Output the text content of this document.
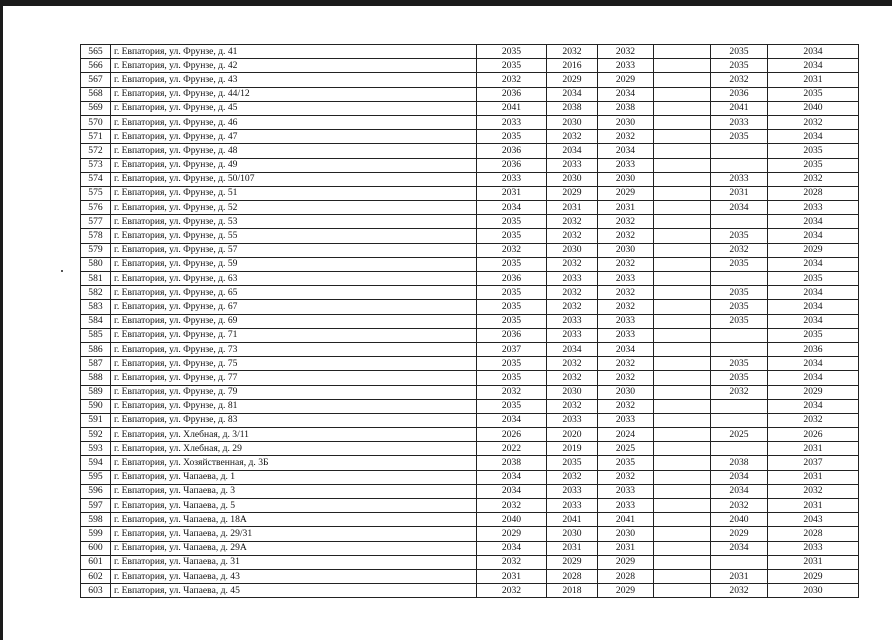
565	г. Евпатория, ул. Фрунзе, д. 41	2035	2032	2032		2035	2034
566	г. Евпатория, ул. Фрунзе, д. 42	2035	2016	2033		2035	2034
567	г. Евпатория, ул. Фрунзе, д. 43	2032	2029	2029		2032	2031
568	г. Евпатория, ул. Фрунзе, д. 44/12	2036	2034	2034		2036	2035
569	г. Евпатория, ул. Фрунзе, д. 45	2041	2038	2038		2041	2040
570	г. Евпатория, ул. Фрунзе, д. 46	2033	2030	2030		2033	2032
571	г. Евпатория, ул. Фрунзе, д. 47	2035	2032	2032		2035	2034
572	г. Евпатория, ул. Фрунзе, д. 48	2036	2034	2034			2035
573	г. Евпатория, ул. Фрунзе, д. 49	2036	2033	2033			2035
574	г. Евпатория, ул. Фрунзе, д. 50/107	2033	2030	2030		2033	2032
575	г. Евпатория, ул. Фрунзе, д. 51	2031	2029	2029		2031	2028
576	г. Евпатория, ул. Фрунзе, д. 52	2034	2031	2031		2034	2033
577	г. Евпатория, ул. Фрунзе, д. 53	2035	2032	2032			2034
578	г. Евпатория, ул. Фрунзе, д. 55	2035	2032	2032		2035	2034
579	г. Евпатория, ул. Фрунзе, д. 57	2032	2030	2030		2032	2029
580	г. Евпатория, ул. Фрунзе, д. 59	2035	2032	2032		2035	2034
581	г. Евпатория, ул. Фрунзе, д. 63	2036	2033	2033			2035
582	г. Евпатория, ул. Фрунзе, д. 65	2035	2032	2032		2035	2034
583	г. Евпатория, ул. Фрунзе, д. 67	2035	2032	2032		2035	2034
584	г. Евпатория, ул. Фрунзе, д. 69	2035	2033	2033		2035	2034
585	г. Евпатория, ул. Фрунзе, д. 71	2036	2033	2033			2035
586	г. Евпатория, ул. Фрунзе, д. 73	2037	2034	2034			2036
587	г. Евпатория, ул. Фрунзе, д. 75	2035	2032	2032		2035	2034
588	г. Евпатория, ул. Фрунзе, д. 77	2035	2032	2032		2035	2034
589	г. Евпатория, ул. Фрунзе, д. 79	2032	2030	2030		2032	2029
590	г. Евпатория, ул. Фрунзе, д. 81	2035	2032	2032			2034
591	г. Евпатория, ул. Фрунзе, д. 83	2034	2033	2033			2032
592	г. Евпатория, ул. Хлебная, д. 3/11	2026	2020	2024		2025	2026
593	г. Евпатория, ул. Хлебная, д. 29	2022	2019	2025			2031
594	г. Евпатория, ул. Хозяйственная, д. 3Б	2038	2035	2035		2038	2037
595	г. Евпатория, ул. Чапаева, д. 1	2034	2032	2032		2034	2031
596	г. Евпатория, ул. Чапаева, д. 3	2034	2033	2033		2034	2032
597	г. Евпатория, ул. Чапаева, д. 5	2032	2033	2033		2032	2031
598	г. Евпатория, ул. Чапаева, д. 18А	2040	2041	2041		2040	2043
599	г. Евпатория, ул. Чапаева, д. 29/31	2029	2030	2030		2029	2028
600	г. Евпатория, ул. Чапаева, д. 29А	2034	2031	2031		2034	2033
601	г. Евпатория, ул. Чапаева, д. 31	2032	2029	2029			2031
602	г. Евпатория, ул. Чапаева, д. 43	2031	2028	2028		2031	2029
603	г. Евпатория, ул. Чапаева, д. 45	2032	2018	2029		2032	2030
